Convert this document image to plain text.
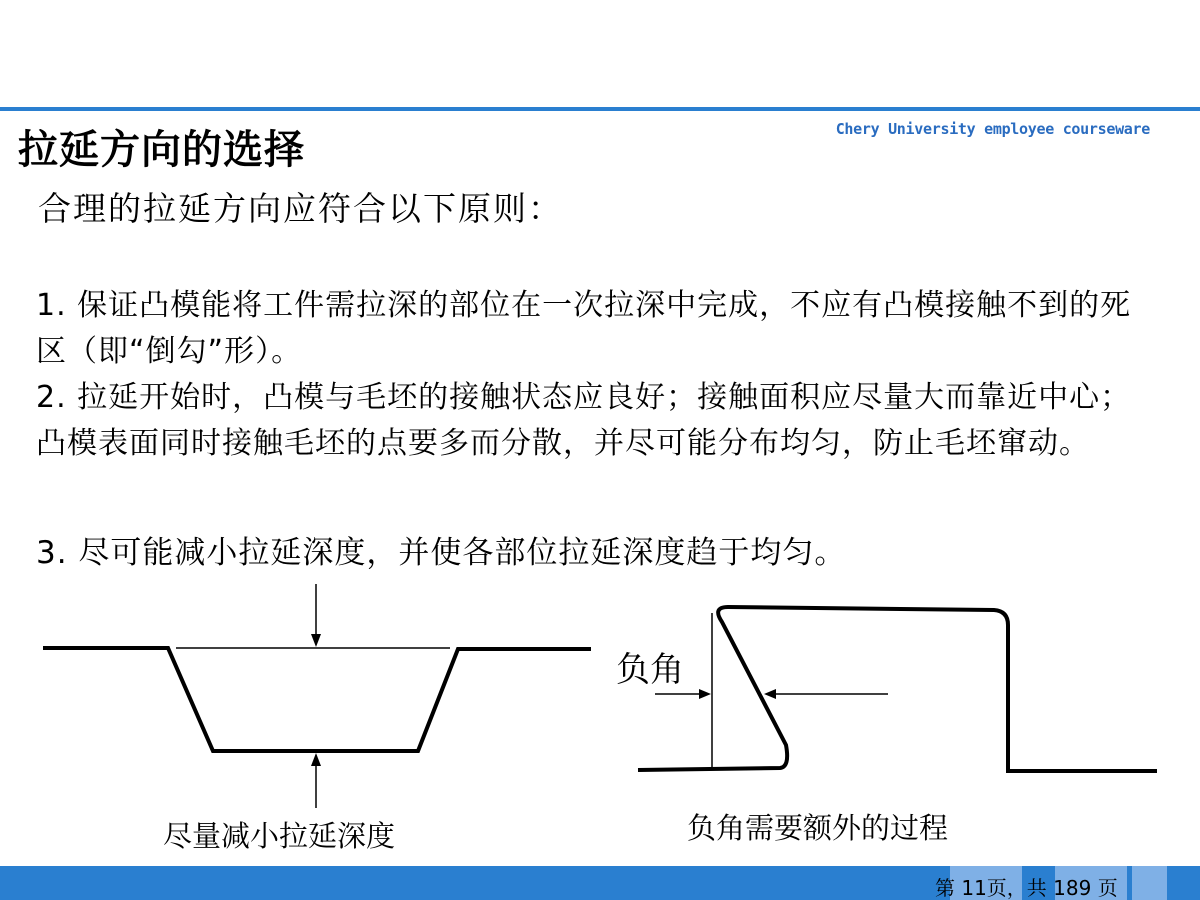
Chery University employee courseware
拉延方向的选择
合理的拉延方向应符合以下原则：
1. 保证凸模能将工件需拉深的部位在一次拉深中完成，不应有凸模接触不到的死区（即“倒勾”形）。
2. 拉延开始时，凸模与毛坯的接触状态应良好；接触面积应尽量大而靠近中心；凸模表面同时接触毛坯的点要多而分散，并尽可能分布均匀，防止毛坯窜动。
3. 尽可能减小拉延深度，并使各部位拉延深度趋于均匀。
尽量减小拉延深度
负角
负角需要额外的过程
第 11页，共 189 页
